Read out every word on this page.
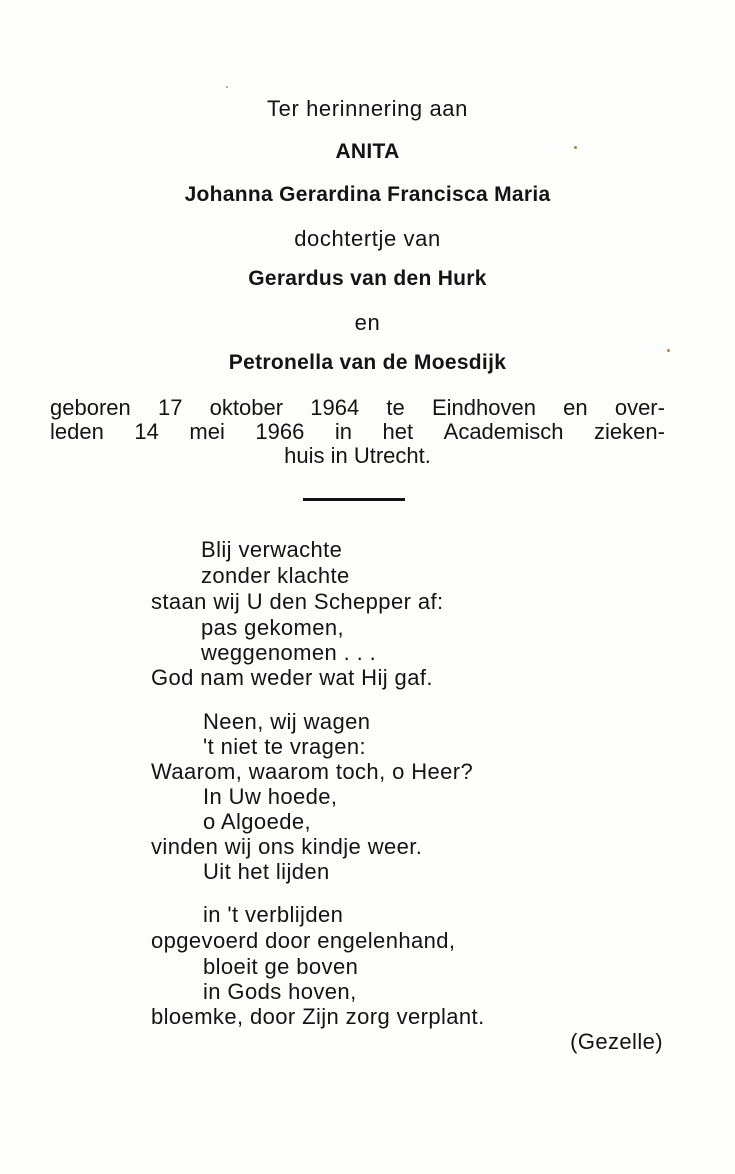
Ter herinnering aan
ANITA
Johanna Gerardina Francisca Maria
dochtertje van
Gerardus van den Hurk
en
Petronella van de Moesdijk
geboren 17 oktober 1964 te Eindhoven en over-
leden 14 mei 1966 in het Academisch zieken-
huis in Utrecht.
Blij verwachte
zonder klachte
staan wij U den Schepper af:
pas gekomen,
weggenomen . . .
God nam weder wat Hij gaf.
Neen, wij wagen
't niet te vragen:
Waarom, waarom toch, o Heer?
In Uw hoede,
o Algoede,
vinden wij ons kindje weer.
Uit het lijden
in 't verblijden
opgevoerd door engelenhand,
bloeit ge boven
in Gods hoven,
bloemke, door Zijn zorg verplant.
(Gezelle)
